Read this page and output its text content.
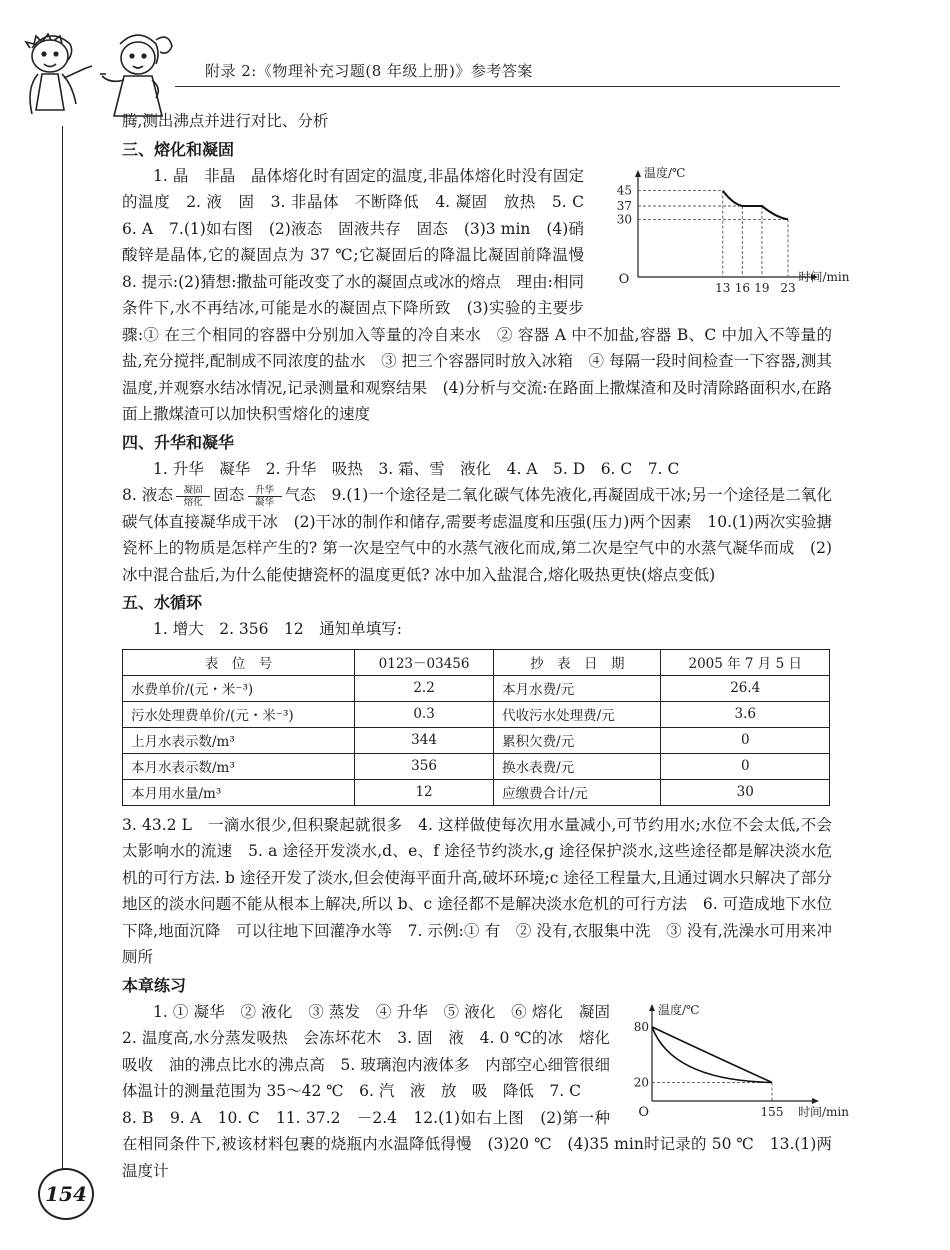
附录 2:《物理补充习题(8 年级上册)》参考答案
154

腾,测出沸点并进行对比、分析

三、熔化和凝固
温度/℃
时间/min
O
30
37
45
13 16 19 23

1. 晶　非晶　晶体熔化时有固定的温度,非晶体熔化时没有固定的温度　2. 液　固　3. 非晶体　不断降低　4. 凝固　放热　5. C　6. A　7.(1)如右图　(2)液态　固液共存　固态　(3)3 min　(4)硝酸锌是晶体,它的凝固点为 37 ℃;它凝固后的降温比凝固前降温慢　8. 提示:(2)猜想:撒盐可能改变了水的凝固点或冰的熔点　理由:相同条件下,水不再结冰,可能是水的凝固点下降所致　(3)实验的主要步骤:① 在三个相同的容器中分别加入等量的冷自来水　② 容器 A 中不加盐,容器 B、C 中加入不等量的盐,充分搅拌,配制成不同浓度的盐水　③ 把三个容器同时放入冰箱　④ 每隔一段时间检查一下容器,测其温度,并观察水结冰情况,记录测量和观察结果　(4)分析与交流:在路面上撒煤渣和及时清除路面积水,在路面上撒煤渣可以加快积雪熔化的速度

四、升华和凝华

1. 升华　凝华　2. 升华　吸热　3. 霜、雪　液化　4. A　5. D　6. C　7. C

8. 液态	凝固
熔化 固态	升华
凝华 气态　 9.(1)一个途径是二氧化碳气体先液化,再凝固成干冰;另一个途径是二氧化碳气体直接凝华成干冰　(2)干冰的制作和储存,需要考虑温度和压强(压力)两个因素　10.(1)两次实验搪瓷杯上的物质是怎样产生的? 第一次是空气中的水蒸气液化而成,第二次是空气中的水蒸气凝华而成　(2)冰中混合盐后,为什么能使搪瓷杯的温度更低? 冰中加入盐混合,熔化吸热更快(熔点变低)

五、水循环

1. 增大　2. 356　12　通知单填写:

表　位　号	0123－03456	抄　表　日　期	2005 年 7 月 5 日
水费单价/(元・米⁻³)	2.2	本月水费/元	26.4
污水处理费单价/(元・米⁻³)	0.3	代收污水处理费/元	3.6
上月水表示数/m³	344	累积欠费/元	0
本月水表示数/m³	356	换水表费/元	0
本月用水量/m³	12	应缴费合计/元	30

3. 43.2 L　一滴水很少,但积聚起就很多　4. 这样做使每次用水量减小,可节约用水;水位不会太低,不会太影响水的流速　5. a 途径开发淡水,d、e、f 途径节约淡水,g 途径保护淡水,这些途径都是解决淡水危机的可行方法. b 途径开发了淡水,但会使海平面升高,破坏环境;c 途径工程量大,且通过调水只解决了部分地区的淡水问题不能从根本上解决,所以 b、c 途径都不是解决淡水危机的可行方法　6. 可造成地下水位下降,地面沉降　可以往地下回灌净水等　7. 示例:① 有　② 没有,衣服集中洗　③ 没有,洗澡水可用来冲厕所

本章练习
温度/℃
时间/min
O
20
80
155

1. ① 凝华　② 液化　③ 蒸发　④ 升华　⑤ 液化　⑥ 熔化　凝固　2. 温度高,水分蒸发吸热　会冻坏花木　3. 固　液　4. 0 ℃的冰　熔化　吸收　油的沸点比水的沸点高　5. 玻璃泡内液体多　内部空心细管很细　体温计的测量范围为 35～42 ℃　6. 汽　液　放　吸　降低　7. C

8. B　9. A　10. C　11. 37.2　－2.4　12.(1)如右上图　(2)第一种　在相同条件下,被该材料包裹的烧瓶内水温降低得慢　(3)20 ℃　(4)35 min时记录的 50 ℃　13.(1)两温度计
